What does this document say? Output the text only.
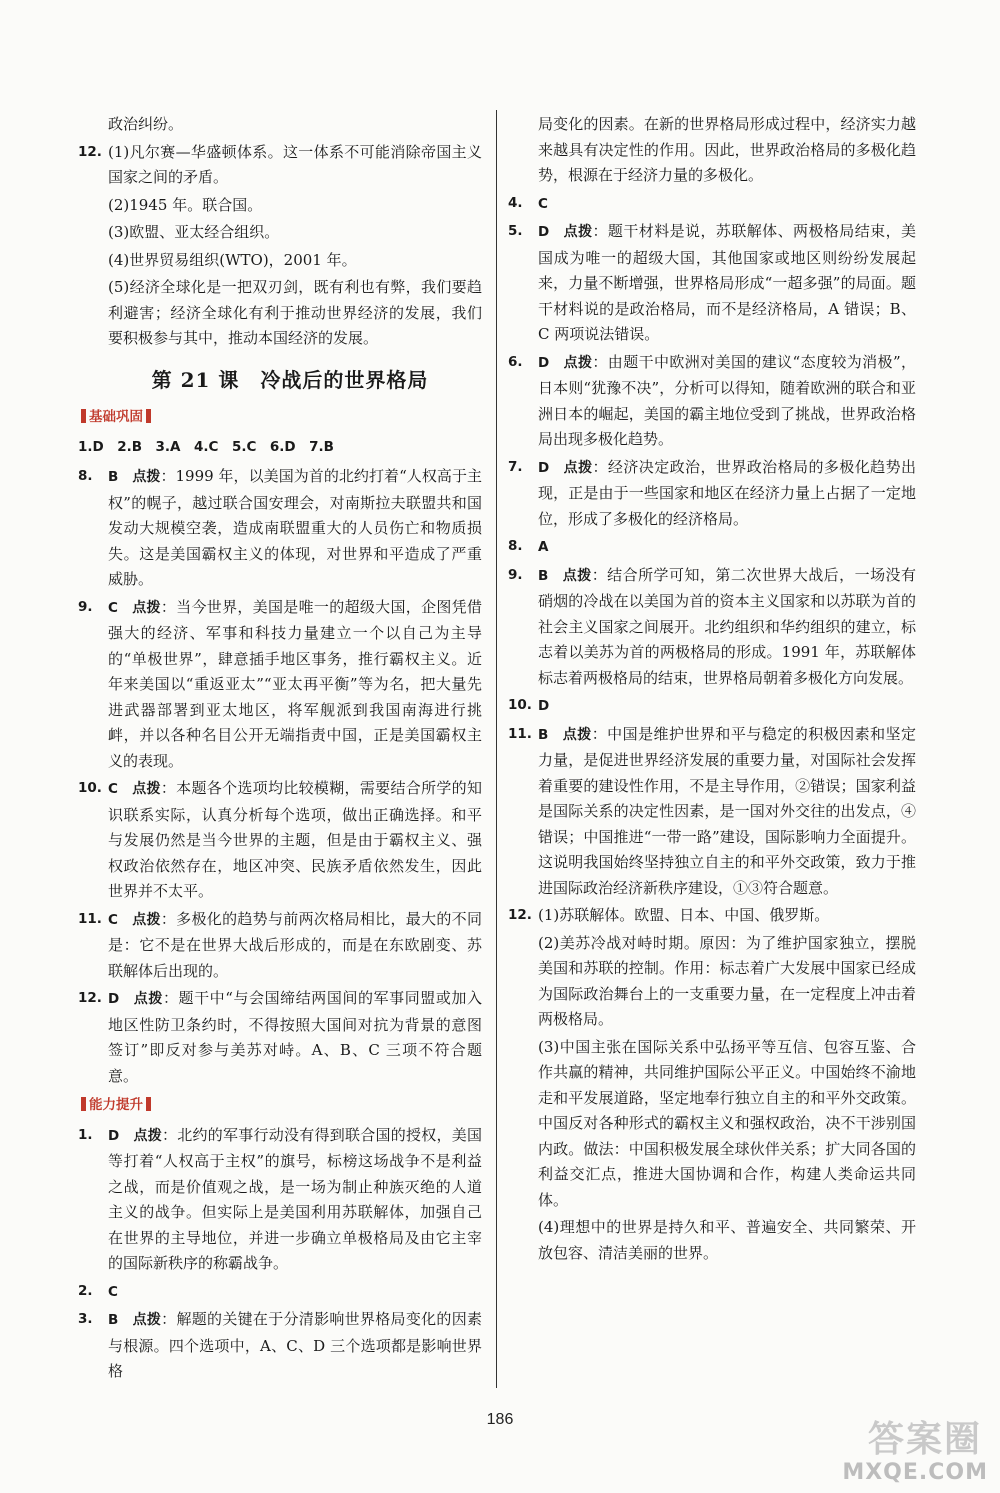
政治纠纷。
12. (1)凡尔赛—华盛顿体系。这一体系不可能消除帝国主义国家之间的矛盾。
(2)1945 年。联合国。
(3)欧盟、亚太经合组织。
(4)世界贸易组织(WTO)，2001 年。
(5)经济全球化是一把双刃剑，既有利也有弊，我们要趋利避害；经济全球化有利于推动世界经济的发展，我们要积极参与其中，推动本国经济的发展。
第 21 课　冷战后的世界格局
基础巩固
1.D　2.B　3.A　4.C　5.C　6.D　7.B
8. B 点拨：1999 年，以美国为首的北约打着“人权高于主权”的幌子，越过联合国安理会，对南斯拉夫联盟共和国发动大规模空袭，造成南联盟重大的人员伤亡和物质损失。这是美国霸权主义的体现，对世界和平造成了严重威胁。
9. C 点拨：当今世界，美国是唯一的超级大国，企图凭借强大的经济、军事和科技力量建立一个以自己为主导的“单极世界”，肆意插手地区事务，推行霸权主义。近年来美国以“重返亚太”“亚太再平衡”等为名，把大量先进武器部署到亚太地区，将军舰派到我国南海进行挑衅，并以各种名目公开无端指责中国，正是美国霸权主义的表现。
10. C 点拨：本题各个选项均比较模糊，需要结合所学的知识联系实际，认真分析每个选项，做出正确选择。和平与发展仍然是当今世界的主题，但是由于霸权主义、强权政治依然存在，地区冲突、民族矛盾依然发生，因此世界并不太平。
11. C 点拨：多极化的趋势与前两次格局相比，最大的不同是：它不是在世界大战后形成的，而是在东欧剧变、苏联解体后出现的。
12. D 点拨：题干中“与会国缔结两国间的军事同盟或加入地区性防卫条约时，不得按照大国间对抗为背景的意图签订”即反对参与美苏对峙。A、B、C 三项不符合题意。
能力提升
1. D 点拨：北约的军事行动没有得到联合国的授权，美国等打着“人权高于主权”的旗号，标榜这场战争不是利益之战，而是价值观之战，是一场为制止种族灭绝的人道主义的战争。但实际上是美国利用苏联解体，加强自己在世界的主导地位，并进一步确立单极格局及由它主宰的国际新秩序的称霸战争。
2. C
3. B 点拨：解题的关键在于分清影响世界格局变化的因素与根源。四个选项中，A、C、D 三个选项都是影响世界格
局变化的因素。在新的世界格局形成过程中，经济实力越来越具有决定性的作用。因此，世界政治格局的多极化趋势，根源在于经济力量的多极化。
4. C
5. D 点拨：题干材料是说，苏联解体、两极格局结束，美国成为唯一的超级大国，其他国家或地区则纷纷发展起来，力量不断增强，世界格局形成“一超多强”的局面。题干材料说的是政治格局，而不是经济格局，A 错误；B、C 两项说法错误。
6. D 点拨：由题干中欧洲对美国的建议“态度较为消极”，日本则“犹豫不决”，分析可以得知，随着欧洲的联合和亚洲日本的崛起，美国的霸主地位受到了挑战，世界政治格局出现多极化趋势。
7. D 点拨：经济决定政治，世界政治格局的多极化趋势出现，正是由于一些国家和地区在经济力量上占据了一定地位，形成了多极化的经济格局。
8. A
9. B 点拨：结合所学可知，第二次世界大战后，一场没有硝烟的冷战在以美国为首的资本主义国家和以苏联为首的社会主义国家之间展开。北约组织和华约组织的建立，标志着以美苏为首的两极格局的形成。1991 年，苏联解体标志着两极格局的结束，世界格局朝着多极化方向发展。
10. D
11. B 点拨：中国是维护世界和平与稳定的积极因素和坚定力量，是促进世界经济发展的重要力量，对国际社会发挥着重要的建设性作用，不是主导作用，②错误；国家利益是国际关系的决定性因素，是一国对外交往的出发点，④错误；中国推进“一带一路”建设，国际影响力全面提升。这说明我国始终坚持独立自主的和平外交政策，致力于推进国际政治经济新秩序建设，①③符合题意。
12. (1)苏联解体。欧盟、日本、中国、俄罗斯。
(2)美苏冷战对峙时期。原因：为了维护国家独立，摆脱美国和苏联的控制。作用：标志着广大发展中国家已经成为国际政治舞台上的一支重要力量，在一定程度上冲击着两极格局。
(3)中国主张在国际关系中弘扬平等互信、包容互鉴、合作共赢的精神，共同维护国际公平正义。中国始终不渝地走和平发展道路，坚定地奉行独立自主的和平外交政策。中国反对各种形式的霸权主义和强权政治，决不干涉别国内政。做法：中国积极发展全球伙伴关系；扩大同各国的利益交汇点，推进大国协调和合作，构建人类命运共同体。
(4)理想中的世界是持久和平、普遍安全、共同繁荣、开放包容、清洁美丽的世界。
186	答案圈
MXQE.COM
